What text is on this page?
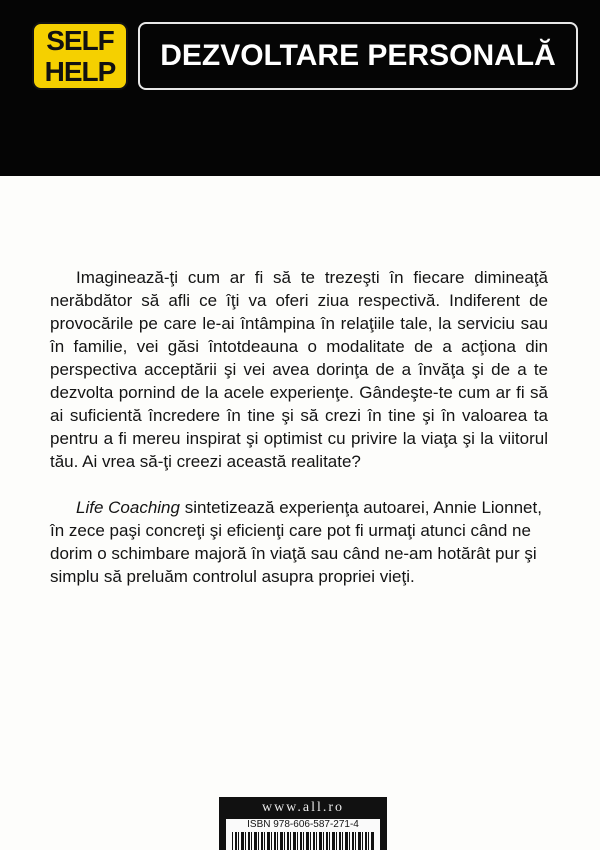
SELF
HELP	DEZVOLTARE PERSONALĂ

Imaginează-ţi cum ar fi să te trezeşti în fiecare dimineaţă nerăbdător să afli ce îţi va oferi ziua respectivă. Indiferent de provocările pe care le-ai întâmpina în relaţiile tale, la serviciu sau în familie, vei găsi întotdeauna o modalitate de a acţiona din perspectiva acceptării şi vei avea dorinţa de a învăţa şi de a te dezvolta pornind de la acele experienţe. Gândeşte-te cum ar fi să ai suficientă încredere în tine şi să crezi în tine şi în valoarea ta pentru a fi mereu inspirat şi optimist cu privire la viaţa şi la viitorul tău. Ai vrea să-ţi creezi această realitate?

Life Coaching sintetizează experienţa autoarei, Annie Lionnet, în zece paşi concreţi şi eficienţi care pot fi urmaţi atunci când ne dorim o schimbare majoră în viaţă sau când ne-am hotărât pur şi simplu să preluăm controlul asupra propriei vieţi.

www.all.ro
ISBN 978-606-587-271-4
